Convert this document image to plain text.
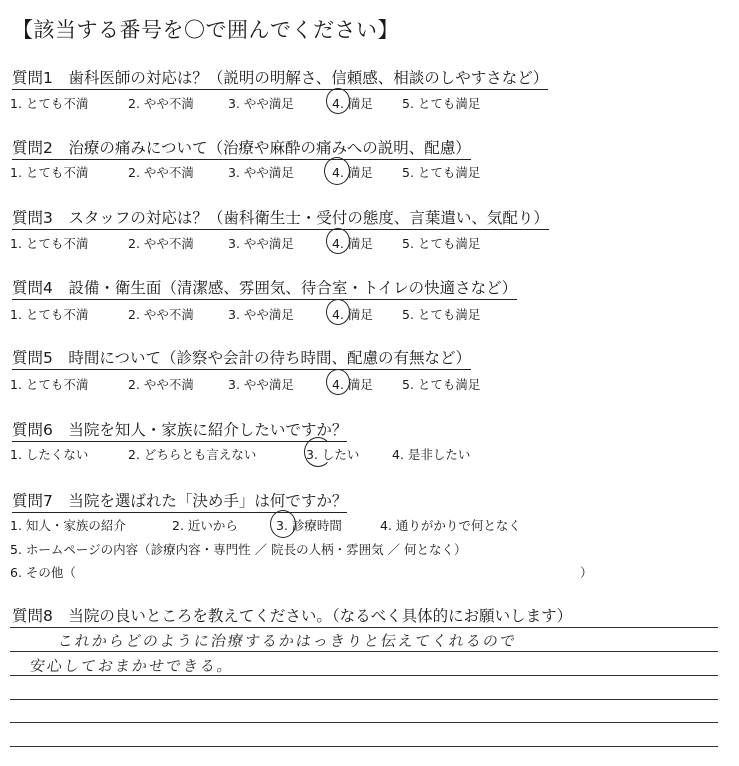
【該当する番号を〇で囲んでください】
質問1　歯科医師の対応は？（説明の明解さ、信頼感、相談のしやすさなど）
1. とても不満	2. やや不満	3. やや満足	4. 満足 5. とても満足
質問2　治療の痛みについて（治療や麻酔の痛みへの説明、配慮）
1. とても不満	2. やや不満	3. やや満足	4. 満足 5. とても満足
質問3　スタッフの対応は？（歯科衛生士・受付の態度、言葉遣い、気配り）
1. とても不満	2. やや不満	3. やや満足	4. 満足 5. とても満足
質問4　設備・衛生面（清潔感、雰囲気、待合室・トイレの快適さなど）
1. とても不満	2. やや不満	3. やや満足	4. 満足 5. とても満足
質問5　時間について（診察や会計の待ち時間、配慮の有無など）
1. とても不満	2. やや不満	3. やや満足	4. 満足 5. とても満足
質問6　当院を知人・家族に紹介したいですか？
1. したくない	2. どちらとも言えない	3. したい	4. 是非したい
質問7　当院を選ばれた「決め手」は何ですか？
1. 知人・家族の紹介	2. 近いから	3. 診療時間	4. 通りがかりで何となく
5. ホームページの内容（診療内容・専門性 ／ 院長の人柄・雰囲気 ／ 何となく）
6. その他（	）
質問8　当院の良いところを教えてください。（なるべく具体的にお願いします）
これからどのように治療するかはっきりと伝えてくれるので
安心しておまかせできる。
